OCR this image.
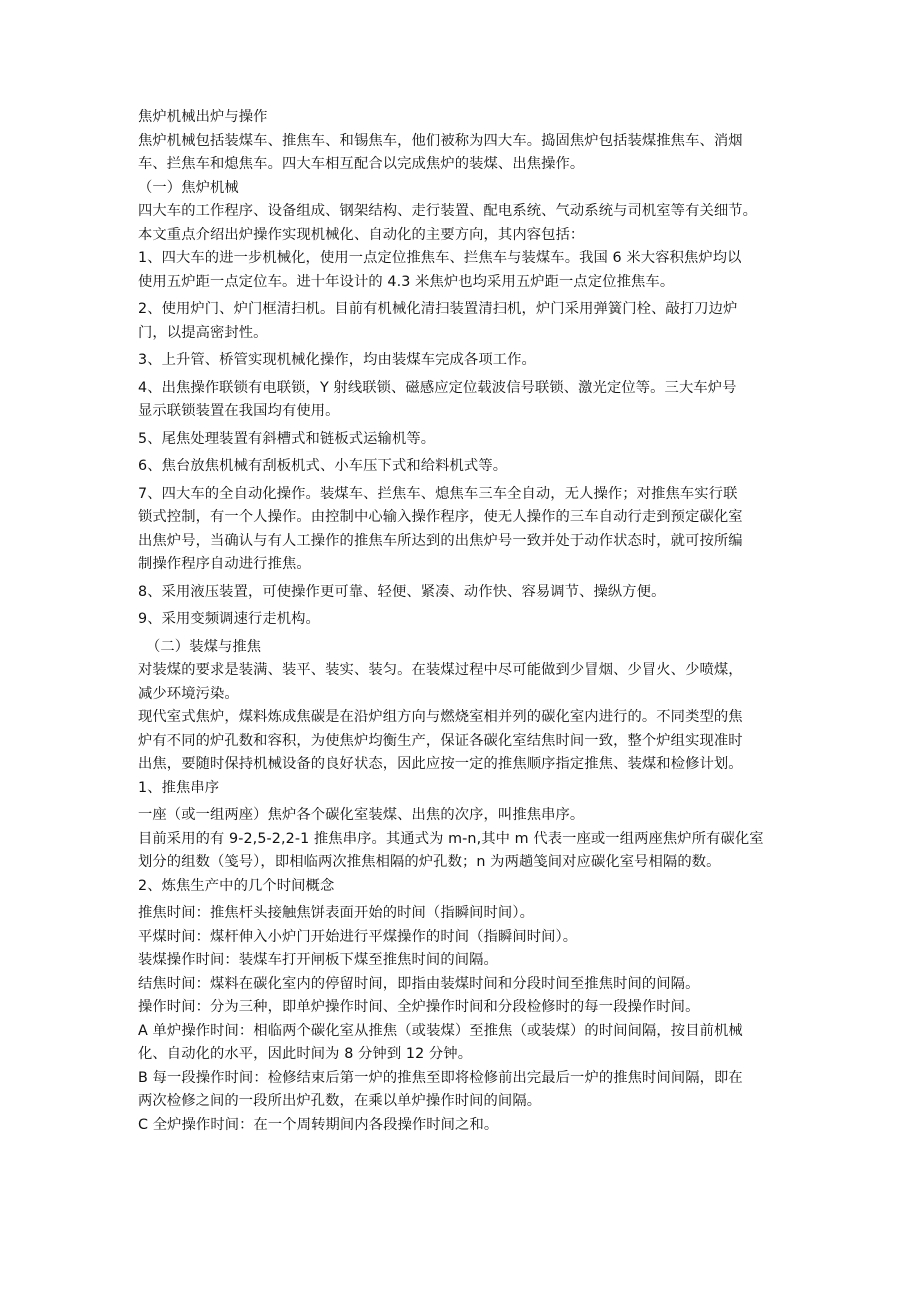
焦炉机械出炉与操作
焦炉机械包括装煤车、推焦车、和锡焦车，他们被称为四大车。捣固焦炉包括装煤推焦车、消烟
车、拦焦车和熄焦车。四大车相互配合以完成焦炉的装煤、出焦操作。
（一）焦炉机械
四大车的工作程序、设备组成、钢架结构、走行装置、配电系统、气动系统与司机室等有关细节。
本文重点介绍出炉操作实现机械化、自动化的主要方向，其内容包括：
1、四大车的进一步机械化，使用一点定位推焦车、拦焦车与装煤车。我国 6 米大容积焦炉均以
使用五炉距一点定位车。进十年设计的 4.3 米焦炉也均采用五炉距一点定位推焦车。
2、使用炉门、炉门框清扫机。目前有机械化清扫装置清扫机，炉门采用弹簧门栓、敲打刀边炉
门，以提高密封性。
3、上升管、桥管实现机械化操作，均由装煤车完成各项工作。
4、出焦操作联锁有电联锁，Y 射线联锁、磁感应定位载波信号联锁、激光定位等。三大车炉号
显示联锁装置在我国均有使用。
5、尾焦处理装置有斜槽式和链板式运输机等。
6、焦台放焦机械有刮板机式、小车压下式和给料机式等。
7、四大车的全自动化操作。装煤车、拦焦车、熄焦车三车全自动，无人操作；对推焦车实行联
锁式控制，有一个人操作。由控制中心输入操作程序，使无人操作的三车自动行走到预定碳化室
出焦炉号，当确认与有人工操作的推焦车所达到的出焦炉号一致并处于动作状态时，就可按所编
制操作程序自动进行推焦。
8、采用液压装置，可使操作更可靠、轻便、紧凑、动作快、容易调节、操纵方便。
9、采用变频调速行走机构。
（二）装煤与推焦
对装煤的要求是装满、装平、装实、装匀。在装煤过程中尽可能做到少冒烟、少冒火、少喷煤，
减少环境污染。
现代室式焦炉，煤料炼成焦碳是在沿炉组方向与燃烧室相并列的碳化室内进行的。不同类型的焦
炉有不同的炉孔数和容积，为使焦炉均衡生产，保证各碳化室结焦时间一致，整个炉组实现准时
出焦，要随时保持机械设备的良好状态，因此应按一定的推焦顺序指定推焦、装煤和检修计划。
1、推焦串序
一座（或一组两座）焦炉各个碳化室装煤、出焦的次序，叫推焦串序。
目前采用的有 9-2,5-2,2-1 推焦串序。其通式为 m-n,其中 m 代表一座或一组两座焦炉所有碳化室
划分的组数（笺号），即相临两次推焦相隔的炉孔数；n 为两趟笺间对应碳化室号相隔的数。
2、炼焦生产中的几个时间概念
推焦时间：推焦杆头接触焦饼表面开始的时间（指瞬间时间）。
平煤时间：煤杆伸入小炉门开始进行平煤操作的时间（指瞬间时间）。
装煤操作时间：装煤车打开闸板下煤至推焦时间的间隔。
结焦时间：煤料在碳化室内的停留时间，即指由装煤时间和分段时间至推焦时间的间隔。
操作时间：分为三种，即单炉操作时间、全炉操作时间和分段检修时的每一段操作时间。
A 单炉操作时间：相临两个碳化室从推焦（或装煤）至推焦（或装煤）的时间间隔，按目前机械
化、自动化的水平，因此时间为 8 分钟到 12 分钟。
B 每一段操作时间：检修结束后第一炉的推焦至即将检修前出完最后一炉的推焦时间间隔，即在
两次检修之间的一段所出炉孔数，在乘以单炉操作时间的间隔。
C 全炉操作时间：在一个周转期间内各段操作时间之和。
